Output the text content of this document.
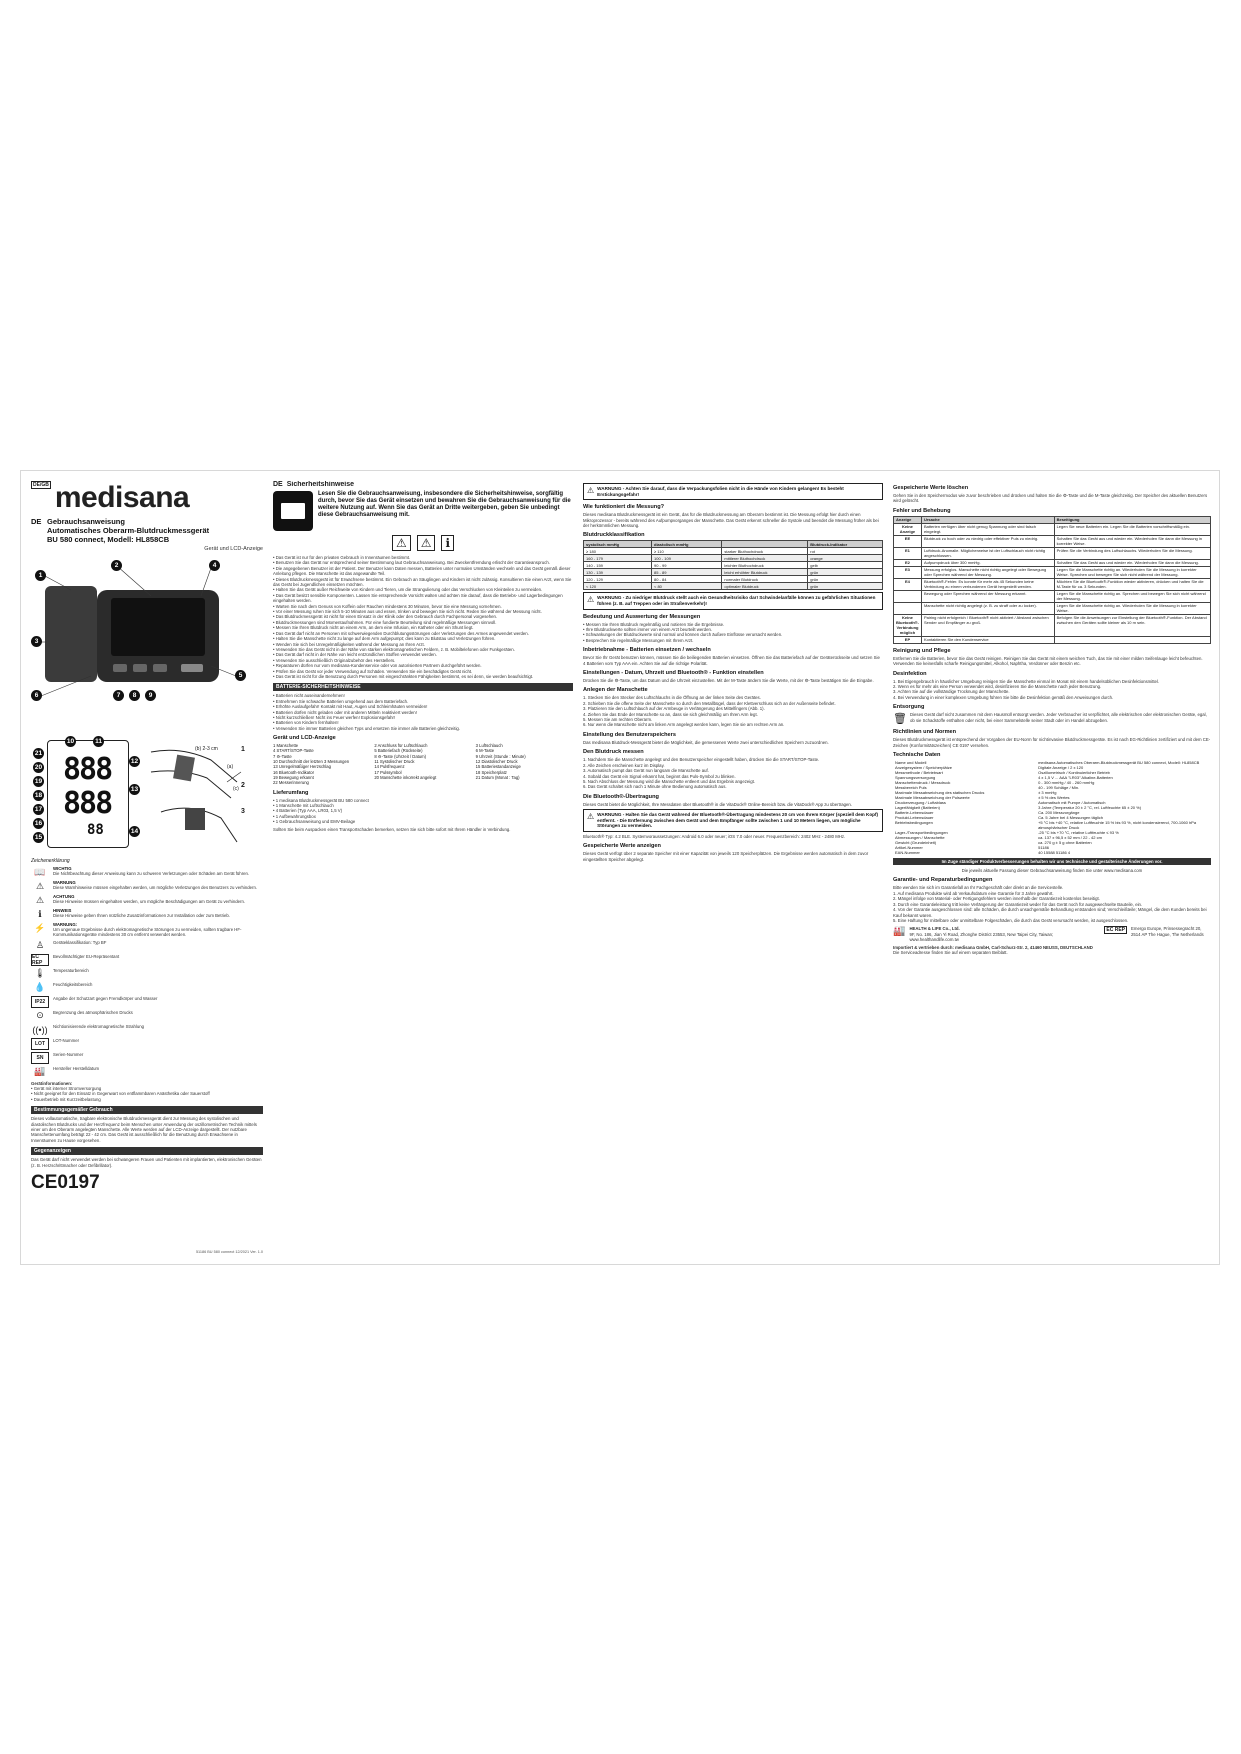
DE/GB medisana
DE Gebrauchsanweisung
Automatisches Oberarm-Blutdruckmessgerät
BU 580 connect, Modell: HL858CB
Gerät und LCD-Anzeige
1
2
3
4
5
6	7	8	9
888
888
88
21
20
19
18
17
16
15
10	11
12
13
14
(b) 2-3 cm
(a)
(c)
1
2
3
Zeichenerklärung
📖	WICHTIG
Die Nichtbeachtung dieser Anweisung kann zu schweren Verletzungen oder Schäden am Gerät führen.
⚠	WARNUNG
Diese Warnhinweise müssen eingehalten werden, um mögliche Verletzungen des Benutzers zu verhindern.
⚠	ACHTUNG
Diese Hinweise müssen eingehalten werden, um mögliche Beschädigungen am Gerät zu verhindern.
ℹ	HINWEIS
Diese Hinweise geben Ihnen nützliche Zusatzinformationen zur Installation oder zum Betrieb.
⚡	WARNUNG:
Um ungenaue Ergebnisse durch elektromagnetische Störungen zu vermeiden, sollten tragbare HF-Kommunikationsgeräte mindestens 30 cm entfernt verwendet werden.
♙	Geräteklassifikation: Typ BF
EC REP
Bevollmächtigter EU-Repräsentant
🌡	Temperaturbereich
💧	Feuchtigkeitsbereich
IP22
Angabe der Schutzart gegen Fremdkörper und Wasser
⊙	Begrenzung des atmosphärischen Drucks
((•))	Nichtionisierende elektromagnetische Strahlung
LOT
LOT-Nummer
SN
Serien-Nummer
🏭	Hersteller Herstelldatum

Gerätinformationen:

• Gerät mit interner Stromversorgung
• Nicht geeignet für den Einsatz in Gegenwart von entflammbaren Anästhetika oder Sauerstoff
• Dauerbetrieb mit Kurzzeitbelastung
Bestimmungsgemäßer Gebrauch

Dieses vollautomatische, tragbare elektronische Blutdruckmessgerät dient zur Messung des systolischen und diastolischen Blutdrucks und der Herzfrequenz beim Menschen unter Anwendung der oszillometrischen Technik mittels einer um den Oberarm angelegten Manschette. Alle Werte werden auf der LCD-Anzeige dargestellt. Der nutzbare Manschettenumfang beträgt 22 - 42 cm. Das Gerät ist ausschließlich für die Benutzung durch Erwachsene in Innenräumen zu Hause vorgesehen.

Gegenanzeigen

Das Gerät darf nicht verwendet werden bei schwangeren Frauen und Patienten mit implantierten, elektronischen Geräten (z. B. Herzschrittmacher oder Defibrillator).

CE0197
51186 BU 580 connect 12/2021 Ver. 1.0
DE Sicherheitshinweise
Lesen Sie die Gebrauchsanweisung, insbesondere die Sicherheitshinweise, sorgfältig durch, bevor Sie das Gerät einsetzen und bewahren Sie die Gebrauchsanweisung für die weitere Nutzung auf. Wenn Sie das Gerät an Dritte weitergeben, geben Sie unbedingt diese Gebrauchsanweisung mit.
⚠	⚠	ℹ
• Das Gerät ist nur für den privaten Gebrauch in Innenräumen bestimmt.
• Benutzen Sie das Gerät nur entsprechend seiner Bestimmung laut Gebrauchsanweisung. Bei Zweckentfremdung erlischt der Garantieanspruch.
• Die angegebenen Benutzer ist der Patient. Der Benutzer kann Daten messen, Batterien unter normalen Umständen wechseln und das Gerät gemäß dieser Anleitung pflegen. Die Manschette ist das angewandte Teil.
• Dieses Blutdruckmessgerät ist für Erwachsene bestimmt. Ein Gebrauch an Säuglingen und Kindern ist nicht zulässig. Konsultieren Sie einen Arzt, wenn Sie das Gerät bei Jugendlichen einsetzen möchten.
• Halten Sie das Gerät außer Reichweite von Kindern und Tieren, um die Strangulierung oder das Verschlucken von Kleinteilen zu vermeiden.
• Das Gerät besitzt sensible Komponenten. Lassen Sie entsprechende Vorsicht walten und achten Sie darauf, dass die Betriebs- und Lagerbedingungen eingehalten werden.
• Warten Sie nach dem Genuss von Koffein oder Rauchen mindestens 30 Minuten, bevor Sie eine Messung vornehmen.
• Vor einer Messung ruhen Sie sich 5-10 Minuten aus und essen, trinken und bewegen Sie sich nicht. Reden Sie während der Messung nicht.
• Das Blutdruckmessgerät ist nicht für einen Einsatz in der Klinik oder den Gebrauch durch Fachpersonal vorgesehen.
• Blutdruckmessungen sind Momentaufnahmen. Für eine fundierte Beurteilung sind regelmäßige Messungen sinnvoll.
• Messen Sie Ihren Blutdruck nicht an einem Arm, an dem eine Infusion, ein Katheter oder ein Shunt liegt.
• Das Gerät darf nicht an Personen mit schwerwiegenden Durchblutungsstörungen oder Verletzungen des Armes angewendet werden.
• Halten Sie die Manschette nicht zu lange auf dem Arm aufgepumpt; dies kann zu Blutstau und Verletzungen führen.
• Wenden Sie sich bei Unregelmäßigkeiten während der Messung an Ihren Arzt.
• Verwenden Sie das Gerät nicht in der Nähe von starken elektromagnetischen Feldern, z. B. Mobiltelefonen oder Funkgeräten.
• Das Gerät darf nicht in der Nähe von leicht entzündlichen Stoffen verwendet werden.
• Verwenden Sie ausschließlich Originalzubehör des Herstellers.
• Reparaturen dürfen nur vom medisana-Kundenservice oder von autorisierten Partnern durchgeführt werden.
• Prüfen Sie das Gerät vor jeder Verwendung auf Schäden. Verwenden Sie ein beschädigtes Gerät nicht.
• Das Gerät ist nicht für die Benutzung durch Personen mit eingeschränkten Fähigkeiten bestimmt, es sei denn, sie werden beaufsichtigt.
BATTERIE-SICHERHEITSHINWEISE
• Batterien nicht auseinandernehmen!
• Entnehmen Sie schwache Batterien umgehend aus dem Batteriefach.
• Erhöhte Auslaufgefahr! Kontakt mit Haut, Augen und Schleimhäuten vermeiden!
• Batterien dürfen nicht geladen oder mit anderen Mitteln reaktiviert werden!
• Nicht kurzschließen! Nicht ins Feuer werfen! Explosionsgefahr!
• Batterien von Kindern fernhalten!
• Verwenden Sie immer Batterien gleichen Typs und ersetzen Sie immer alle Batterien gleichzeitig.
Gerät und LCD-Anzeige
1 Manschette	2 Anschluss für Luftschlauch	3 Luftschlauch
4 START/STOP-Taste	5 Batteriefach (Rückseite)	6 M-Taste
7 ⚙-Taste	8 ⚙-Taste (Uhrzeit / Datum)	9 Uhrzeit (Stunde : Minute)
10 Durchschnitt der letzten 3 Messungen	11 Systolischer Druck	12 Diastolischer Druck
13 Unregelmäßiger Herzschlag	14 Pulsfrequenz	15 Batteriestandanzeige
16 Bluetooth-Indikator	17 Pulssymbol	18 Speicherplatz
19 Bewegung erkannt	20 Manschette inkorrekt angelegt	21 Datum (Monat : Tag)
22 Messerinnerung
Lieferumfang
• 1 medisana Blutdruckmessgerät BU 580 connect
• 1 Manschette mit Luftschlauch
• 4 Batterien (Typ AAA, LR03, 1,5 V)
• 1 Aufbewahrungsbox
• 1 Gebrauchsanweisung und EMV-Beilage

Sollten Sie beim Auspacken einen Transportschaden bemerken, setzen Sie sich bitte sofort mit Ihrem Händler in Verbindung.

⚠ WARNUNG - Achten Sie darauf, dass die Verpackungsfolien nicht in die Hände von Kindern gelangen! Es besteht Erstickungsgefahr!

Wie funktioniert die Messung?

Dieses medisana Blutdruckmessgerät ist ein Gerät, das für die Blutdruckmessung am Oberarm bestimmt ist. Die Messung erfolgt hier durch einen Mikroprozessor - bereits während des Aufpumpvorganges der Manschette. Das Gerät erkennt schneller die Systole und beendet die Messung früher als bei der herkömmlichen Messung.

Blutdruckklassifikation
systolisch mmHg	diastolisch mmHg		Blutdruck-Indikator
≥ 180	≥ 110	starker Bluthochdruck	rot
160 - 179	100 - 109	mittlerer Bluthochdruck	orange
140 - 159	90 - 99	leichter Bluthochdruck	gelb
130 - 139	85 - 89	leicht erhöhter Blutdruck	grün
120 - 129	80 - 84	normaler Blutdruck	grün
< 120	< 80	optimaler Blutdruck	grün
⚠ WARNUNG - Zu niedriger Blutdruck stellt auch ein Gesundheitsrisiko dar! Schwindelanfälle können zu gefährlichen Situationen führen (z. B. auf Treppen oder im Straßenverkehr)!

Bedeutung und Auswertung der Messungen
• Messen Sie Ihren Blutdruck regelmäßig und notieren Sie die Ergebnisse.
• Ihre Blutdruckwerte sollten immer von einem Arzt beurteilt werden.
• Schwankungen der Blutdruckwerte sind normal und können durch äußere Einflüsse verursacht werden.
• Besprechen Sie regelmäßige Messungen mit Ihrem Arzt.
Inbetriebnahme - Batterien einsetzen / wechseln

Bevor Sie Ihr Gerät benutzen können, müssen Sie die beiliegenden Batterien einsetzen. Öffnen Sie das Batteriefach auf der Geräterückseite und setzen Sie 4 Batterien vom Typ AAA ein. Achten Sie auf die richtige Polarität.

Einstellungen - Datum, Uhrzeit und Bluetooth® - Funktion einstellen

Drücken Sie die ⚙-Taste, um das Datum und die Uhrzeit einzustellen. Mit der M-Taste ändern Sie die Werte, mit der ⚙-Taste bestätigen Sie die Eingabe.

Anlegen der Manschette

1. Stecken Sie den Stecker des Luftschlauchs in die Öffnung an der linken Seite des Gerätes.

2. Schieben Sie die offene Seite der Manschette so durch den Metallbügel, dass der Klettverschluss sich an der Außenseite befindet.

3. Platzieren Sie den Luftschlauch auf der Armbeuge in Verlängerung des Mittelfingers (Abb. 1).

4. Ziehen Sie das Ende der Manschette so an, dass sie sich gleichmäßig um Ihren Arm legt.

5. Messen Sie am rechten Oberarm.

6. Nur wenn die Manschette nicht am linken Arm angelegt werden kann, legen Sie sie am rechten Arm an.

Einstellung des Benutzerspeichers

Das medisana Blutdruck-Messgerät bietet die Möglichkeit, die gemessenen Werte zwei unterschiedlichen Speichern zuzuordnen.

Den Blutdruck messen

1. Nachdem Sie die Manschette angelegt und den Benutzerspeicher eingestellt haben, drücken Sie die START/STOP-Taste.

2. Alle Zeichen erscheinen kurz im Display.

3. Automatisch pumpt das Gerät nun langsam die Manschette auf.

4. Sobald das Gerät ein Signal erkannt hat, beginnt das Puls-Symbol zu blinken.

5. Nach Abschluss der Messung wird die Manschette entleert und das Ergebnis angezeigt.

6. Das Gerät schaltet sich nach 1 Minute ohne Bedienung automatisch aus.

Die Bluetooth®-Übertragung

Dieses Gerät bietet die Möglichkeit, Ihre Messdaten über Bluetooth® in die VitaDock® Online-Bereich bzw. die VitaDock® App zu übertragen.

⚠ WARNUNG - Halten Sie das Gerät während der Bluetooth®-Übertragung mindestens 20 cm von Ihrem Körper (speziell dem Kopf) entfernt. - Die Entfernung zwischen dem Gerät und dem Empfänger sollte zwischen 1 und 10 Metern liegen, um mögliche Störungen zu vermeiden.

Bluetooth® Typ: 4.2 BLE. Systemvoraussetzungen: Android 6.0 oder neuer; iOS 7.0 oder neuer. Frequenzbereich: 2402 MHz - 2480 MHz.

Gespeicherte Werte anzeigen

Dieses Gerät verfügt über 2 separate Speicher mit einer Kapazität von jeweils 120 Speicherplätzen. Die Ergebnisse werden automatisch in dem zuvor eingestellten Speicher abgelegt.

Gespeicherte Werte löschen

Gehen Sie in den Speichermodus wie zuvor beschrieben und drücken und halten Sie die ⚙-Taste und die M-Taste gleichzeitig. Der Speicher des aktuellen Benutzers wird gelöscht.

Fehler und Behebung
Anzeige	Ursache	Beseitigung
Keine Anzeige	Batterien verfügen über nicht genug Spannung oder sind falsch eingelegt.	Legen Sie neue Batterien ein. Legen Sie die Batterien vorschriftsmäßig ein.
EE	Blutdruck zu hoch oder zu niedrig oder effektiver Puls zu niedrig.	Schalten Sie das Gerät aus und wieder ein. Wiederholen Sie dann die Messung in korrekter Weise.
E1	Luftdruck-Anomalie. Möglicherweise ist der Luftschlauch nicht richtig angeschlossen.	Prüfen Sie die Verbindung des Luftschlauchs. Wiederholen Sie die Messung.
E2	Aufpumpdruck über 300 mmHg.	Schalten Sie das Gerät aus und wieder ein. Wiederholen Sie dann die Messung.
E3	Messung erfolglos. Manschette nicht richtig angelegt oder Bewegung oder Sprechen während der Messung.	Legen Sie die Manschette richtig an. Wiederholen Sie die Messung in korrekter Weise. Sprechen und bewegen Sie sich nicht während der Messung.
E4	Bluetooth®-Fehler. Es konnte für mehr als 45 Sekunden keine Verbindung zu einem verbundenen Gerät hergestellt werden.	Möchten Sie die Bluetooth®-Funktion wieder aktivieren, drücken und halten Sie die M-Taste für ca. 3 Sekunden.
	Bewegung oder Sprechen während der Messung erkannt.	Legen Sie die Manschette richtig an. Sprechen und bewegen Sie sich nicht während der Messung.
	Manschette nicht richtig angelegt (z. B. zu straff oder zu locker).	Legen Sie die Manschette richtig an. Wiederholen Sie die Messung in korrekter Weise.
Keine Bluetooth®-Verbindung möglich	Pairing nicht erfolgreich / Bluetooth® nicht aktiviert / Abstand zwischen Sender und Empfänger zu groß.	Befolgen Sie die Anweisungen zur Einstellung der Bluetooth®-Funktion. Der Abstand zwischen den Geräten sollte kleiner als 10 m sein.
EP	Kontaktieren Sie den Kundenservice	
Reinigung und Pflege

Entfernen Sie die Batterien, bevor Sie das Gerät reinigen. Reinigen Sie das Gerät mit einem weichen Tuch, das Sie mit einer milden Seifenlauge leicht befeuchten. Verwenden Sie keinesfalls scharfe Reinigungsmittel, Alkohol, Naphtha, Verdünner oder Benzin etc.

Desinfektion

1. Bei Eigengebrauch in häuslicher Umgebung reinigen Sie die Manschette einmal im Monat mit einem handelsüblichen Desinfektionsmittel.

2. Wenn es für mehr als eine Person verwendet wird, desinfizieren Sie die Manschette nach jeder Benutzung.

3. Achten Sie auf die vollständige Trocknung der Manschette.

4. Bei Verwendung in einer komplexen Umgebung führen Sie bitte die Desinfektion gemäß den Anweisungen durch.

Entsorgung
🗑 Dieses Gerät darf nicht zusammen mit dem Hausmüll entsorgt werden. Jeder Verbraucher ist verpflichtet, alle elektrischen oder elektronischen Geräte, egal, ob sie Schadstoffe enthalten oder nicht, bei einer Sammelstelle seiner Stadt oder im Handel abzugeben.

Richtlinien und Normen

Dieses Blutdruckmessgerät ist entsprechend der Vorgaben der EU-Norm für nichtinvasive Blutdruckmessgeräte. Es ist nach EG-Richtlinien zertifiziert und mit dem CE-Zeichen (Konformitätszeichen) CE 0197 versehen.

Technische Daten
Name und Modell	medisana Automatisches Oberarm-Blutdruckmessgerät BU 580 connect, Modell: HL858CB
Anzeigesystem / Speicherplätze	Digitale Anzeige / 2 x 120
Messmethode / Betriebsart	Oszillometrisch / Kontinuierlicher Betrieb
Spannungsversorgung	4 x 1,5 V ... AAA "LR03" Alkaline-Batterien
Manschettendruck / Messdruck	0 - 300 mmHg / 40 - 260 mmHg
Messbereich Puls	40 - 199 Schläge / Min.
Maximale Messabweichung des statischen Drucks	± 3 mmHg
Maximale Messabweichung der Pulswerte	± 5 % des Wertes
Druckerzeugung / Luftablass	Automatisch mit Pumpe / Automatisch
Lagerfähigkeit (Batterien)	3 Jahre (Temperatur 20 ± 2 °C, rel. Luftfeuchte 65 ± 20 %)
Batterie-Lebensdauer	Ca. 200 Messvorgänge
Produkt-Lebensdauer	Ca. 5 Jahre bei 4 Messungen täglich
Betriebsbedingungen	+5 °C bis +40 °C, relative Luftfeuchte 15 % bis 93 %, nicht kondensierend, 700-1060 hPa atmosphärischer Druck
Lager-/Transportbedingungen	-25 °C bis +70 °C, relative Luftfeuchte ≤ 93 %
Abmessungen / Manschette	ca. 137 x 96,5 x 52 mm / 22 - 42 cm
Gewicht (Grundeinheit)	ca. 270 g ± 5 g ohne Batterien
Artikel-Nummer	51186
EAN-Nummer	40 15588 51186 4
Im Zuge ständiger Produktverbesserungen behalten wir uns technische und gestalterische Änderungen vor.

Die jeweils aktuelle Fassung dieser Gebrauchsanweisung finden Sie unter www.medisana.com

Garantie- und Reparaturbedingungen

Bitte wenden Sie sich im Garantiefall an Ihr Fachgeschäft oder direkt an die Servicestelle.

1. Auf medisana Produkte wird ab Verkaufsdatum eine Garantie für 3 Jahre gewährt.

2. Mängel infolge von Material- oder Fertigungsfehlern werden innerhalb der Garantiezeit kostenlos beseitigt.

3. Durch eine Garantieleistung tritt keine Verlängerung der Garantiezeit weder für das Gerät noch für ausgewechselte Bauteile, ein.

4. Von der Garantie ausgeschlossen sind: alle Schäden, die durch unsachgemäße Behandlung entstanden sind; Verschleißteile; Mängel, die dem Kunden bereits bei Kauf bekannt waren.

5. Eine Haftung für mittelbare oder unmittelbare Folgeschäden, die durch das Gerät verursacht werden, ist ausgeschlossen.

🏭 HEALTH & LIFE Co., Ltd.

9F, No. 186, Jian Yi Road, Zhonghe District 23553, New Taipei City, Taiwan; www.healthandlife.com.tw

EC REP	Emergo Europe, Prinsessegracht 20, 2514 AP The Hague, The Netherlands

Importiert & vertrieben durch: medisana GmbH, Carl-Schurz-Str. 2, 41460 NEUSS, DEUTSCHLAND

Die Serviceadresse finden Sie auf einem separaten Beiblatt.
